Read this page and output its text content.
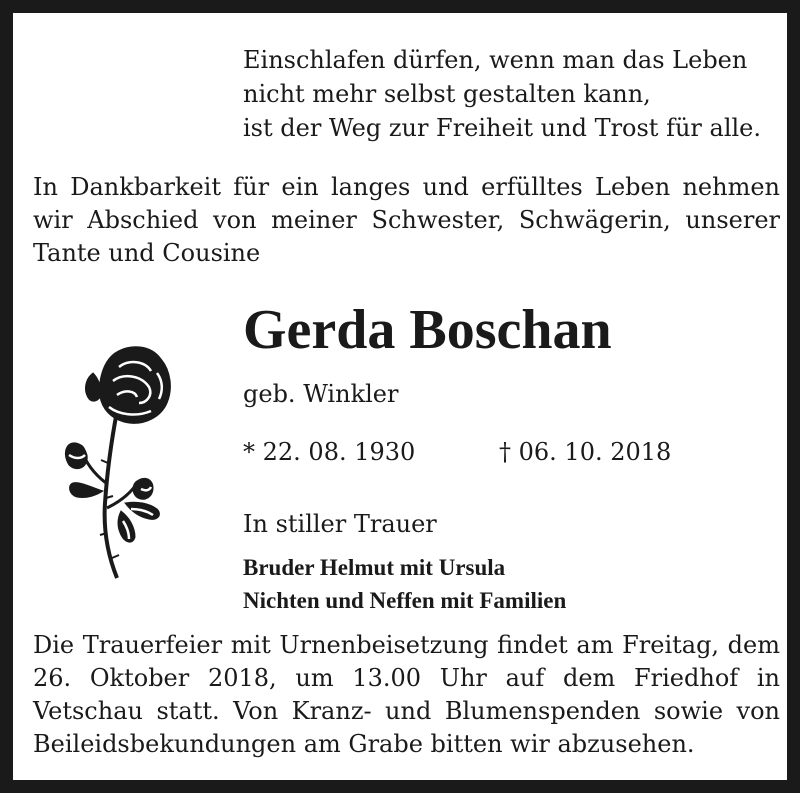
Einschlafen dürfen, wenn man das Leben
nicht mehr selbst gestalten kann,
ist der Weg zur Freiheit und Trost für alle.

In Dankbarkeit für ein langes und erfülltes Leben nehmen wir Abschied von meiner Schwester, Schwägerin, unserer Tante und Cousine

Gerda Boschan
geb. Winkler
* 22. 08. 1930	† 06. 10. 2018
In stiller Trauer
Bruder Helmut mit Ursula
Nichten und Neffen mit Familien

Die Trauerfeier mit Urnenbeisetzung findet am Freitag, dem 26. Oktober 2018, um 13.00 Uhr auf dem Friedhof in Vetschau statt. Von Kranz- und Blumenspenden sowie von Beileidsbekundungen am Grabe bitten wir abzusehen.
